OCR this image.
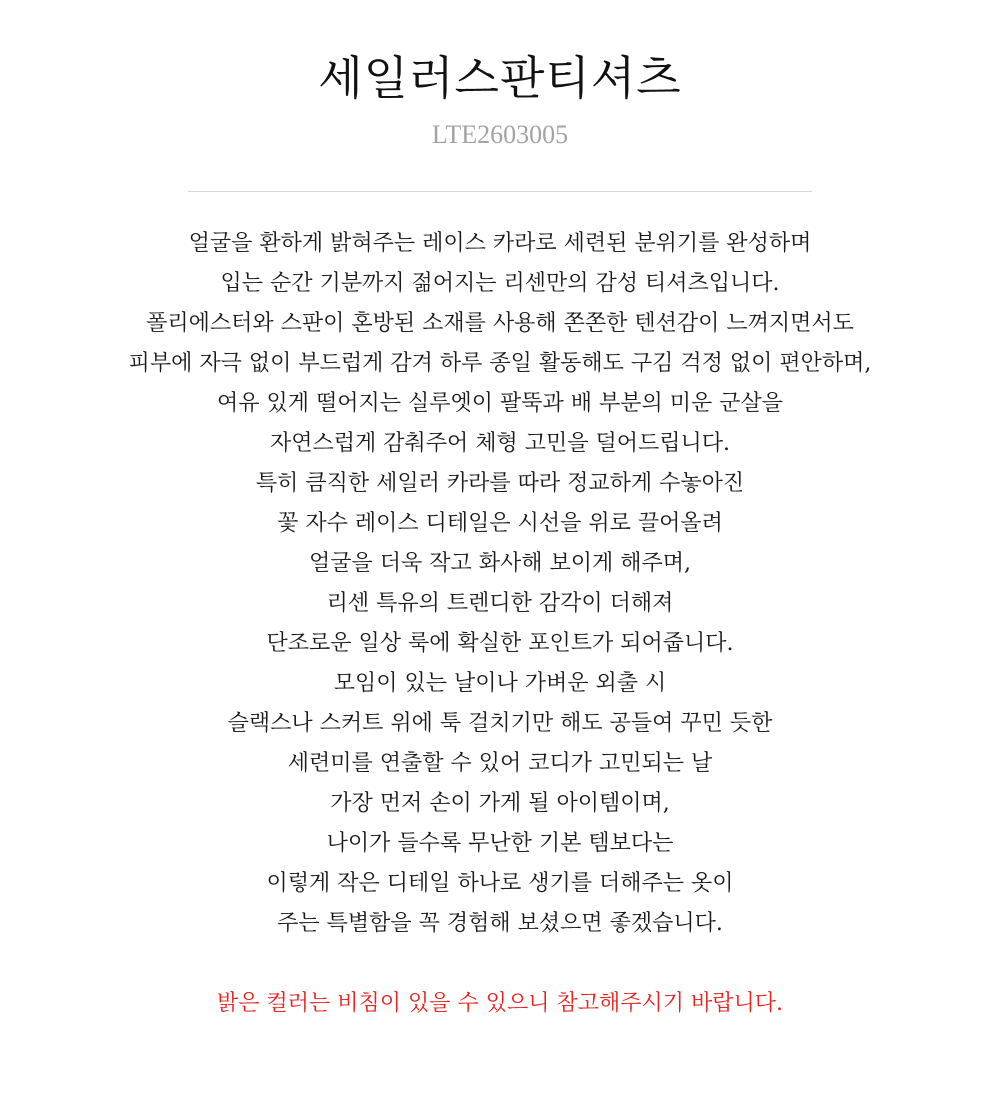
세일러스판티셔츠
LTE2603005
얼굴을 환하게 밝혀주는 레이스 카라로 세련된 분위기를 완성하며
입는 순간 기분까지 젊어지는 리센만의 감성 티셔츠입니다.
폴리에스터와 스판이 혼방된 소재를 사용해 쫀쫀한 텐션감이 느껴지면서도
피부에 자극 없이 부드럽게 감겨 하루 종일 활동해도 구김 걱정 없이 편안하며,
여유 있게 떨어지는 실루엣이 팔뚝과 배 부분의 미운 군살을
자연스럽게 감춰주어 체형 고민을 덜어드립니다.
특히 큼직한 세일러 카라를 따라 정교하게 수놓아진
꽃 자수 레이스 디테일은 시선을 위로 끌어올려
얼굴을 더욱 작고 화사해 보이게 해주며,
리센 특유의 트렌디한 감각이 더해져
단조로운 일상 룩에 확실한 포인트가 되어줍니다.
모임이 있는 날이나 가벼운 외출 시
슬랙스나 스커트 위에 툭 걸치기만 해도 공들여 꾸민 듯한
세련미를 연출할 수 있어 코디가 고민되는 날
가장 먼저 손이 가게 될 아이템이며,
나이가 들수록 무난한 기본 템보다는
이렇게 작은 디테일 하나로 생기를 더해주는 옷이
주는 특별함을 꼭 경험해 보셨으면 좋겠습니다.
밝은 컬러는 비침이 있을 수 있으니 참고해주시기 바랍니다.
